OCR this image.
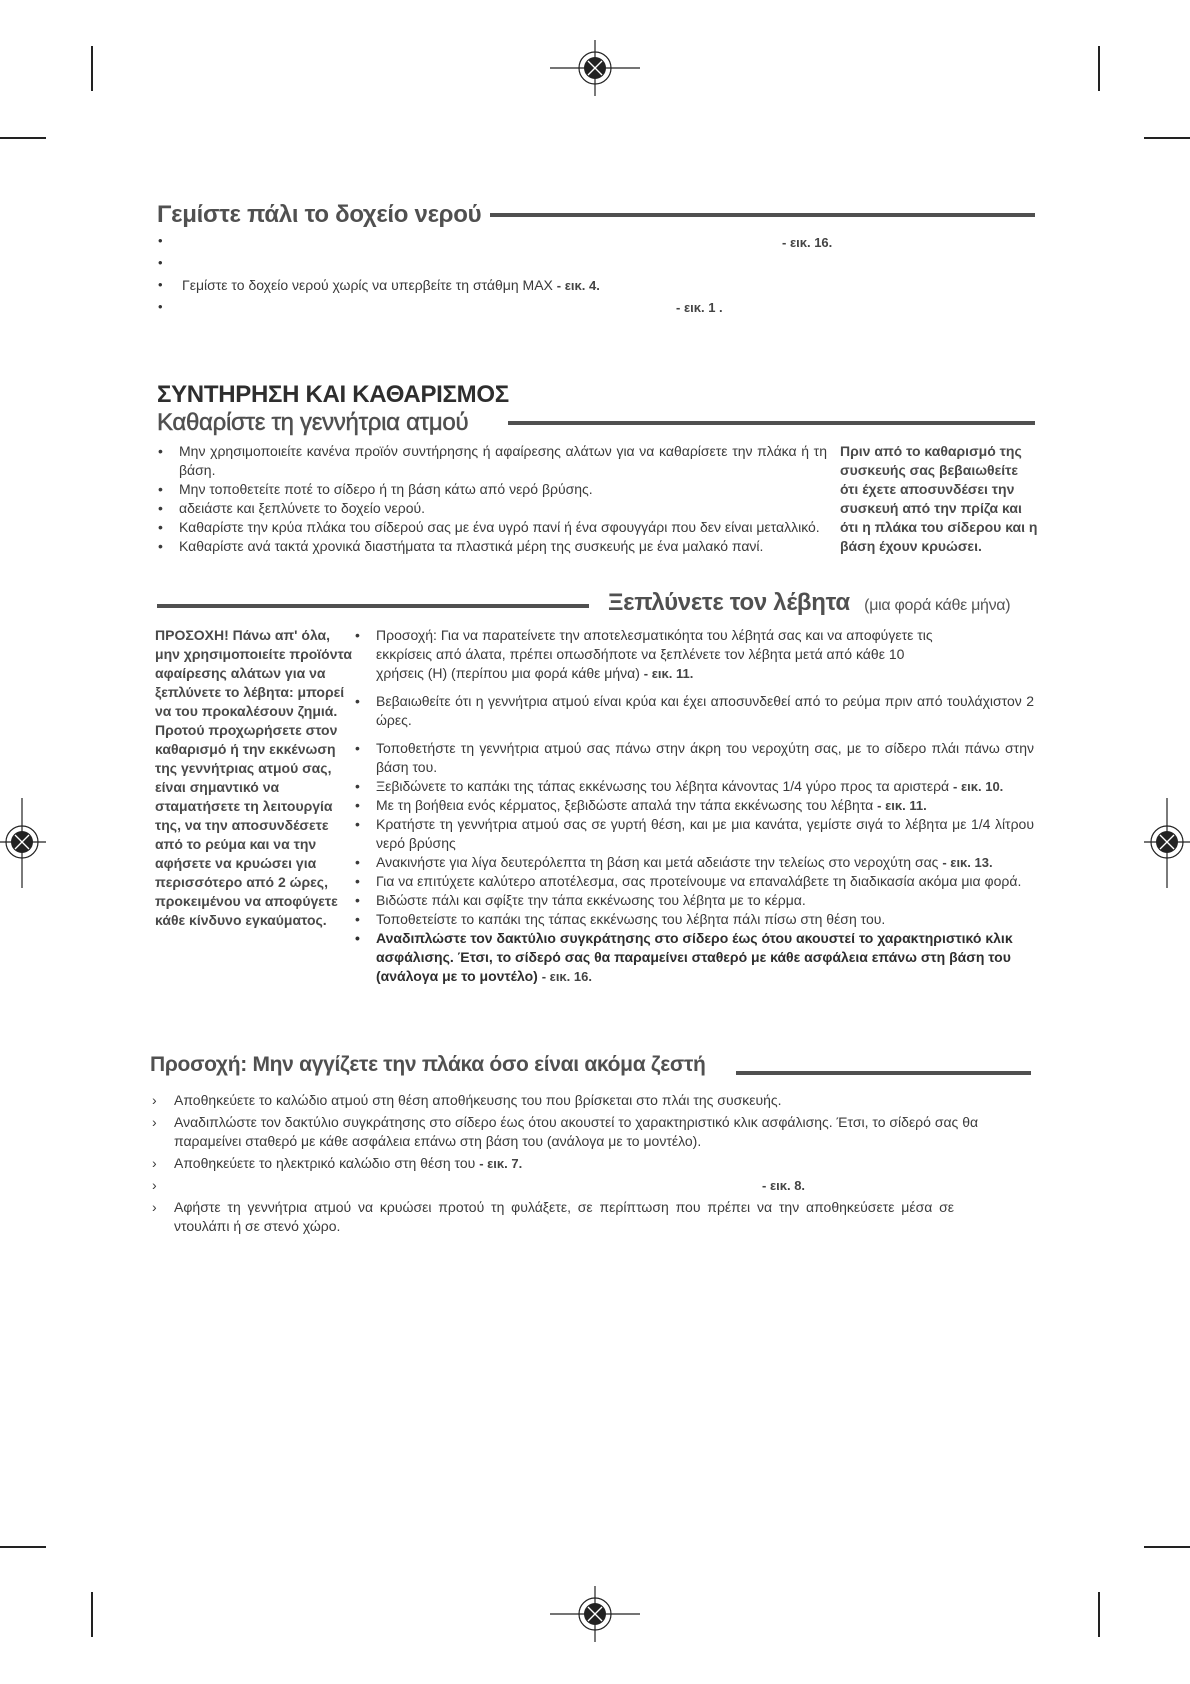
Γεμίστε πάλι το δοχείο νερού
•	- εικ. 16.
•
• Γεμίστε το δοχείο νερού χωρίς να υπερβείτε τη στάθμη MAX - εικ. 4.
•	- εικ. 1 .
ΣΥΝΤΗΡΗΣΗ ΚΑΙ ΚΑΘΑΡΙΣΜΟΣ
Καθαρίστε τη γεννήτρια ατμού
• Μην χρησιμοποιείτε κανένα προϊόν συντήρησης ή αφαίρεσης αλάτων για να καθαρίσετε την πλάκα ή τη βάση.
• Μην τοποθετείτε ποτέ το σίδερο ή τη βάση κάτω από νερό βρύσης.
• αδειάστε και ξεπλύνετε το δοχείο νερού.
• Καθαρίστε την κρύα πλάκα του σίδερού σας με ένα υγρό πανί ή ένα σφουγγάρι που δεν είναι μεταλλικό.
• Καθαρίστε ανά τακτά χρονικά διαστήματα τα πλαστικά μέρη της συσκευής με ένα μαλακό πανί.
Πριν από το καθαρισμό της συσκευής σας βεβαιωθείτε ότι έχετε αποσυνδέσει την συσκευή από την πρίζα και ότι η πλάκα του σίδερου και η βάση έχουν κρυώσει.
Ξεπλύνετε τον λέβητα (μια φορά κάθε μήνα)
ΠΡΟΣΟΧΗ! Πάνω απ' όλα, μην χρησιμοποιείτε προϊόντα αφαίρεσης αλάτων για να ξεπλύνετε το λέβητα: μπορεί να του προκαλέσουν ζημιά. Προτού προχωρήσετε στον καθαρισμό ή την εκκένωση της γεννήτριας ατμού σας, είναι σημαντικό να σταματήσετε τη λειτουργία της, να την αποσυνδέσετε από το ρεύμα και να την αφήσετε να κρυώσει για περισσότερο από 2 ώρες, προκειμένου να αποφύγετε κάθε κίνδυνο εγκαύματος.
• Προσοχή: Για να παρατείνετε την αποτελεσματικόητα του λέβητά σας και να αποφύγετε τις εκκρίσεις από άλατα, πρέπει οπωσδήποτε να ξεπλένετε τον λέβητα μετά από κάθε 10 χρήσεις (Η) (περίπου μια φορά κάθε μήνα) - εικ. 11.
• Βεβαιωθείτε ότι η γεννήτρια ατμού είναι κρύα και έχει αποσυνδεθεί από το ρεύμα πριν από τουλάχιστον 2 ώρες.
• Τοποθετήστε τη γεννήτρια ατμού σας πάνω στην άκρη του νεροχύτη σας, με το σίδερο πλάι πάνω στην βάση του.
• Ξεβιδώνετε το καπάκι της τάπας εκκένωσης του λέβητα κάνοντας 1/4 γύρο προς τα αριστερά - εικ. 10.
• Με τη βοήθεια ενός κέρματος, ξεβιδώστε απαλά την τάπα εκκένωσης του λέβητα - εικ. 11.
• Κρατήστε τη γεννήτρια ατμού σας σε γυρτή θέση, και με μια κανάτα, γεμίστε σιγά το λέβητα με 1/4 λίτρου νερό βρύσης
• Ανακινήστε για λίγα δευτερόλεπτα τη βάση και μετά αδειάστε την τελείως στο νεροχύτη σας - εικ. 13.
• Για να επιτύχετε καλύτερο αποτέλεσμα, σας προτείνουμε να επαναλάβετε τη διαδικασία ακόμα μια φορά.
• Βιδώστε πάλι και σφίξτε την τάπα εκκένωσης του λέβητα με το κέρμα.
• Τοποθετείστε το καπάκι της τάπας εκκένωσης του λέβητα πάλι πίσω στη θέση του.
• Αναδιπλώστε τον δακτύλιο συγκράτησης στο σίδερο έως ότου ακουστεί το χαρακτηριστικό κλικ ασφάλισης. Έτσι, το σίδερό σας θα παραμείνει σταθερό με κάθε ασφάλεια επάνω στη βάση του (ανάλογα με το μοντέλο) - εικ. 16.
Προσοχή: Μην αγγίζετε την πλάκα όσο είναι ακόμα ζεστή
› Αποθηκεύετε το καλώδιο ατμού στη θέση αποθήκευσης του που βρίσκεται στο πλάι της συσκευής.
› Αναδιπλώστε τον δακτύλιο συγκράτησης στο σίδερο έως ότου ακουστεί το χαρακτηριστικό κλικ ασφάλισης. Έτσι, το σίδερό σας θα παραμείνει σταθερό με κάθε ασφάλεια επάνω στη βάση του (ανάλογα με το μοντέλο).
› Αποθηκεύετε το ηλεκτρικό καλώδιο στη θέση του - εικ. 7.
› - εικ. 8.
› Αφήστε τη γεννήτρια ατμού να κρυώσει προτού τη φυλάξετε, σε περίπτωση που πρέπει να την αποθηκεύσετε μέσα σε ντουλάπι ή σε στενό χώρο.
